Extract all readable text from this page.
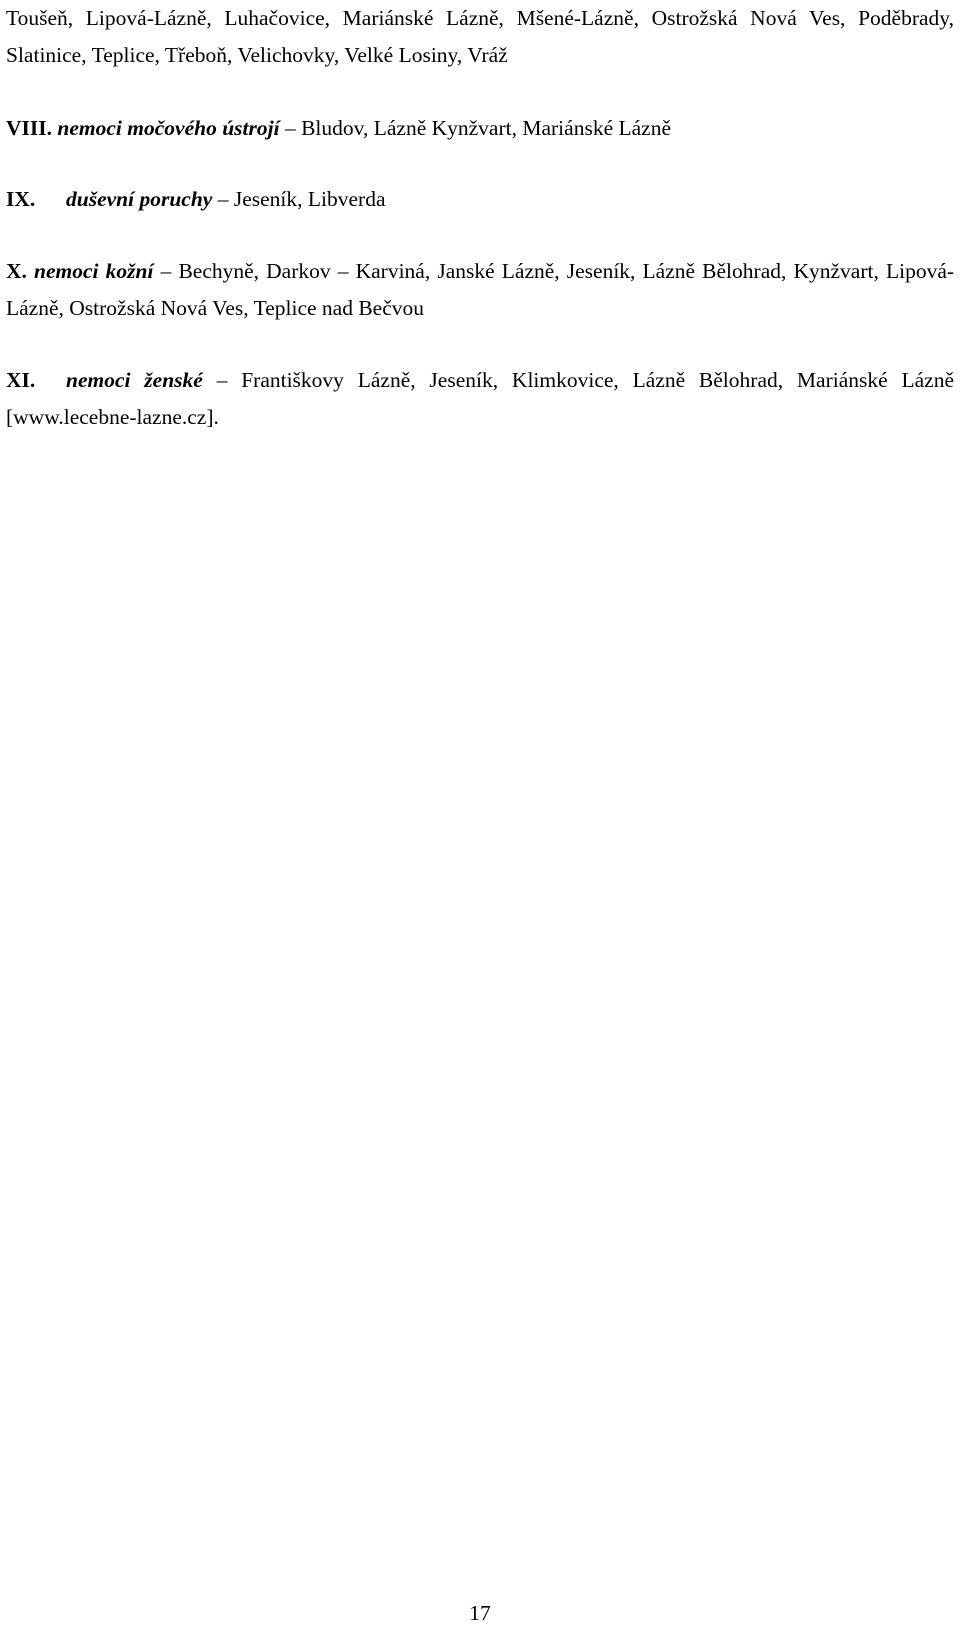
Toušeň, Lipová-Lázně, Luhačovice, Mariánské Lázně, Mšené-Lázně, Ostrožská Nová Ves, Poděbrady, Slatinice, Teplice, Třeboň, Velichovky, Velké Losiny, Vráž

VIII. nemoci močového ústrojí – Bludov, Lázně Kynžvart, Mariánské Lázně

IX. duševní poruchy – Jeseník, Libverda

X. nemoci kožní – Bechyně, Darkov – Karviná, Janské Lázně, Jeseník, Lázně Bělohrad, Kynžvart, Lipová-Lázně, Ostrožská Nová Ves, Teplice nad Bečvou

XI. nemoci ženské – Františkovy Lázně, Jeseník, Klimkovice, Lázně Bělohrad, Mariánské Lázně [www.lecebne-lazne.cz].

17
